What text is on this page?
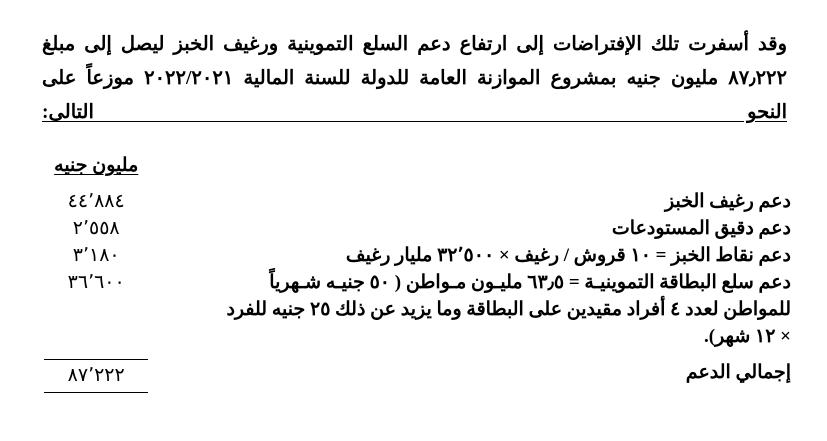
وقد أسفرت تلك الإفتراضات إلى ارتفاع دعم السلع التموينية ورغيف الخبز ليصل إلى مبلغ
٨٧٫٢٢٢ مليون جنيه بمشروع الموازنة العامة للدولة للسنة المالية ٢٠٢٢/٢٠٢١ موزعاً على
النحو التالى:
	مليون جنيه
دعم رغيف الخبز	٤٤٬٨٨٤
دعم دقيق المستودعات	٢٬٥٥٨
دعم نقاط الخبز = ١٠ قروش / رغيف × ٣٢٬٥٠٠ مليار رغيف	٣٬١٨٠

دعم سلع البطاقة التموينيـة = ٦٣٫٥ مليـون مـواطن ( ٥٠ جنيـه شـهرياً
للمواطن لعدد ٤ أفراد مقيدين على البطاقة وما يزيد عن ذلك ٢٥ جنيه للفرد
× ١٢ شهر).	٣٦٬٦٠٠
إجمالي الدعم	٨٧٬٢٢٢
